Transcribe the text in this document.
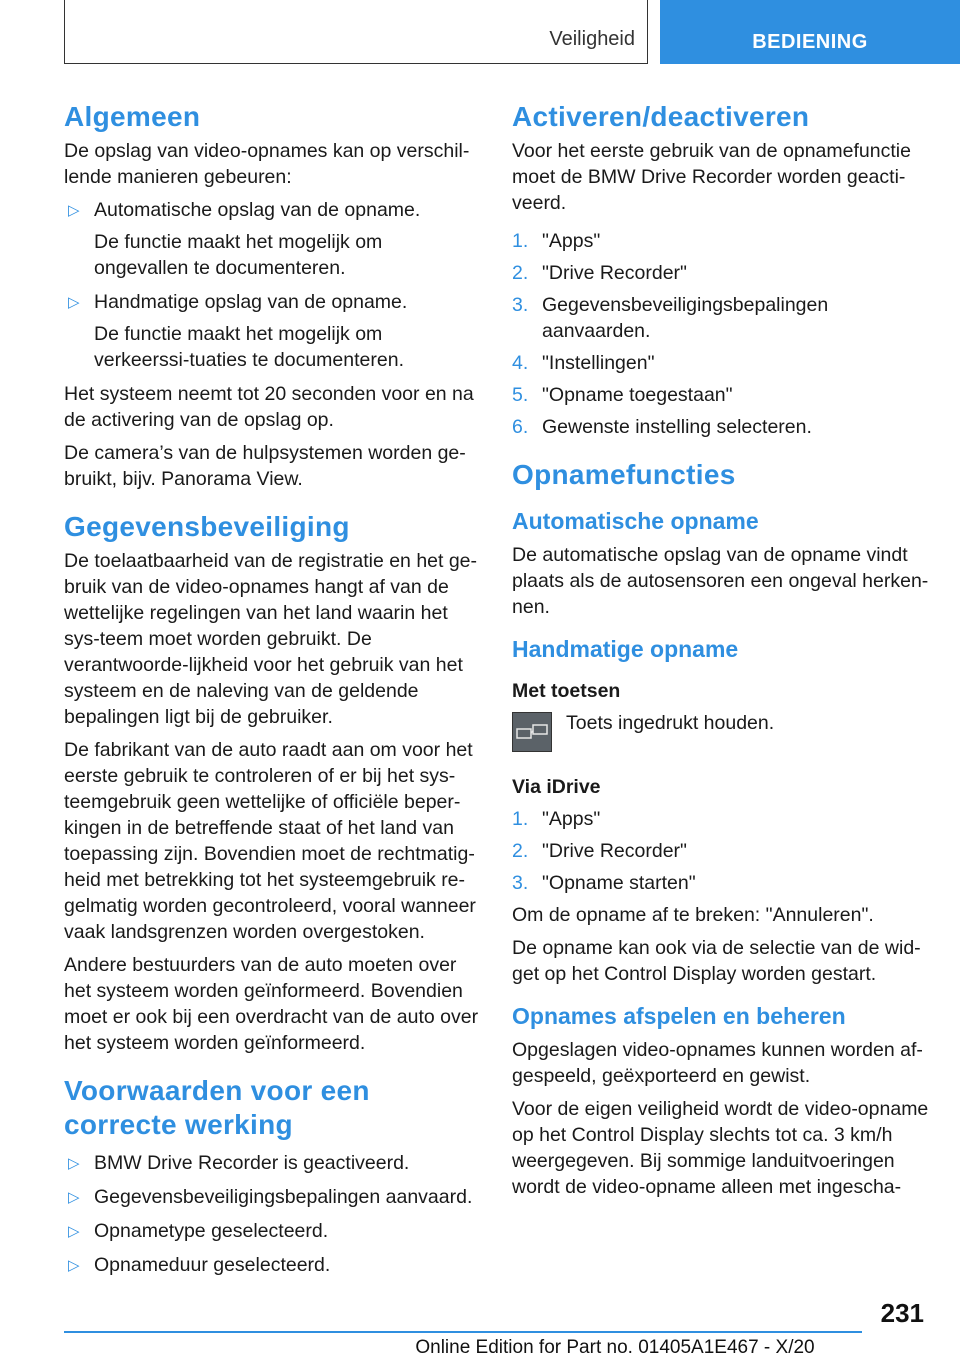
Veiligheid	BEDIENING
Algemeen

De opslag van video-opnames kan op verschil-lende manieren gebeuren:

▷ Automatische opslag van de opname.
De functie maakt het mogelijk om ongevallen te documenteren.
▷ Handmatige opslag van de opname.
De functie maakt het mogelijk om verkeerssi-tuaties te documenteren.

Het systeem neemt tot 20 seconden voor en na de activering van de opslag op.

De camera’s van de hulpsystemen worden ge-bruikt, bijv. Panorama View.

Gegevensbeveiliging

De toelaatbaarheid van de registratie en het ge-bruik van de video-opnames hangt af van de wettelijke regelingen van het land waarin het sys-teem moet worden gebruikt. De verantwoorde-lijkheid voor het gebruik van het systeem en de naleving van de geldende bepalingen ligt bij de gebruiker.

De fabrikant van de auto raadt aan om voor het eerste gebruik te controleren of er bij het sys-teemgebruik geen wettelijke of officiële beper-kingen in de betreffende staat of het land van toepassing zijn. Bovendien moet de rechtmatig-heid met betrekking tot het systeemgebruik re-gelmatig worden gecontroleerd, vooral wanneer vaak landsgrenzen worden overgestoken.

Andere bestuurders van de auto moeten over het systeem worden geïnformeerd. Bovendien moet er ook bij een overdracht van de auto over het systeem worden geïnformeerd.

Voorwaarden voor een correcte werking
▷ BMW Drive Recorder is geactiveerd.
▷ Gegevensbeveiligingsbepalingen aanvaard.
▷ Opnametype geselecteerd.
▷ Opnameduur geselecteerd.
Activeren/deactiveren

Voor het eerste gebruik van de opnamefunctie moet de BMW Drive Recorder worden geacti-veerd.

1. "Apps"
2. "Drive Recorder"
3. Gegevensbeveiligingsbepalingen aanvaarden.
4. "Instellingen"
5. "Opname toegestaan"
6. Gewenste instelling selecteren.
Opnamefuncties
Automatische opname

De automatische opslag van de opname vindt plaats als de autosensoren een ongeval herken-nen.

Handmatige opname
Met toetsen
Toets ingedrukt houden.
Via iDrive
1. "Apps"
2. "Drive Recorder"
3. "Opname starten"

Om de opname af te breken: "Annuleren".

De opname kan ook via de selectie van de wid-get op het Control Display worden gestart.

Opnames afspelen en beheren

Opgeslagen video-opnames kunnen worden af-gespeeld, geëxporteerd en gewist.

Voor de eigen veiligheid wordt de video-opname op het Control Display slechts tot ca. 3 km/h weergegeven. Bij sommige landuitvoeringen wordt de video-opname alleen met ingescha-

231
Online Edition for Part no. 01405A1E467 - X/20
